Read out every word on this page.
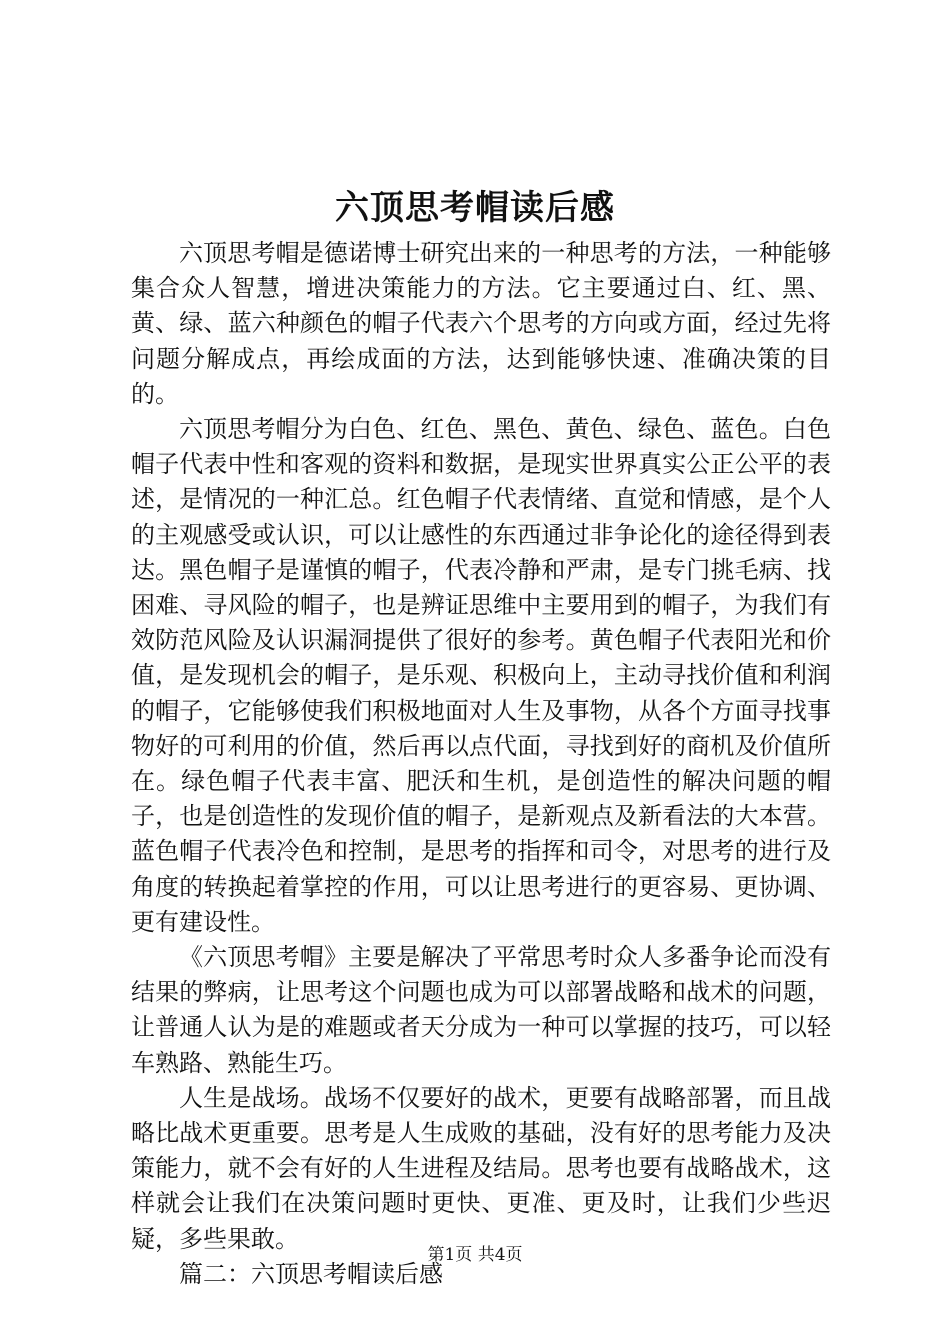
六顶思考帽读后感

六顶思考帽是德诺博士研究出来的一种思考的方法，一种能够集合众人智慧，增进决策能力的方法。它主要通过白、红、黑、黄、绿、蓝六种颜色的帽子代表六个思考的方向或方面，经过先将问题分解成点，再绘成面的方法，达到能够快速、准确决策的目的。

六顶思考帽分为白色、红色、黑色、黄色、绿色、蓝色。白色帽子代表中性和客观的资料和数据，是现实世界真实公正公平的表述，是情况的一种汇总。红色帽子代表情绪、直觉和情感，是个人的主观感受或认识，可以让感性的东西通过非争论化的途径得到表达。黑色帽子是谨慎的帽子，代表冷静和严肃，是专门挑毛病、找困难、寻风险的帽子，也是辨证思维中主要用到的帽子，为我们有效防范风险及认识漏洞提供了很好的参考。黄色帽子代表阳光和价值，是发现机会的帽子，是乐观、积极向上，主动寻找价值和利润的帽子，它能够使我们积极地面对人生及事物，从各个方面寻找事物好的可利用的价值，然后再以点代面，寻找到好的商机及价值所在。绿色帽子代表丰富、肥沃和生机，是创造性的解决问题的帽子，也是创造性的发现价值的帽子，是新观点及新看法的大本营。蓝色帽子代表冷色和控制，是思考的指挥和司令，对思考的进行及角度的转换起着掌控的作用，可以让思考进行的更容易、更协调、更有建设性。

《六顶思考帽》主要是解决了平常思考时众人多番争论而没有结果的弊病，让思考这个问题也成为可以部署战略和战术的问题，让普通人认为是的难题或者天分成为一种可以掌握的技巧，可以轻车熟路、熟能生巧。

人生是战场。战场不仅要好的战术，更要有战略部署，而且战略比战术更重要。思考是人生成败的基础，没有好的思考能力及决策能力，就不会有好的人生进程及结局。思考也要有战略战术，这样就会让我们在决策问题时更快、更准、更及时，让我们少些迟疑，多些果敢。

篇二：六顶思考帽读后感

第1页 共4页
